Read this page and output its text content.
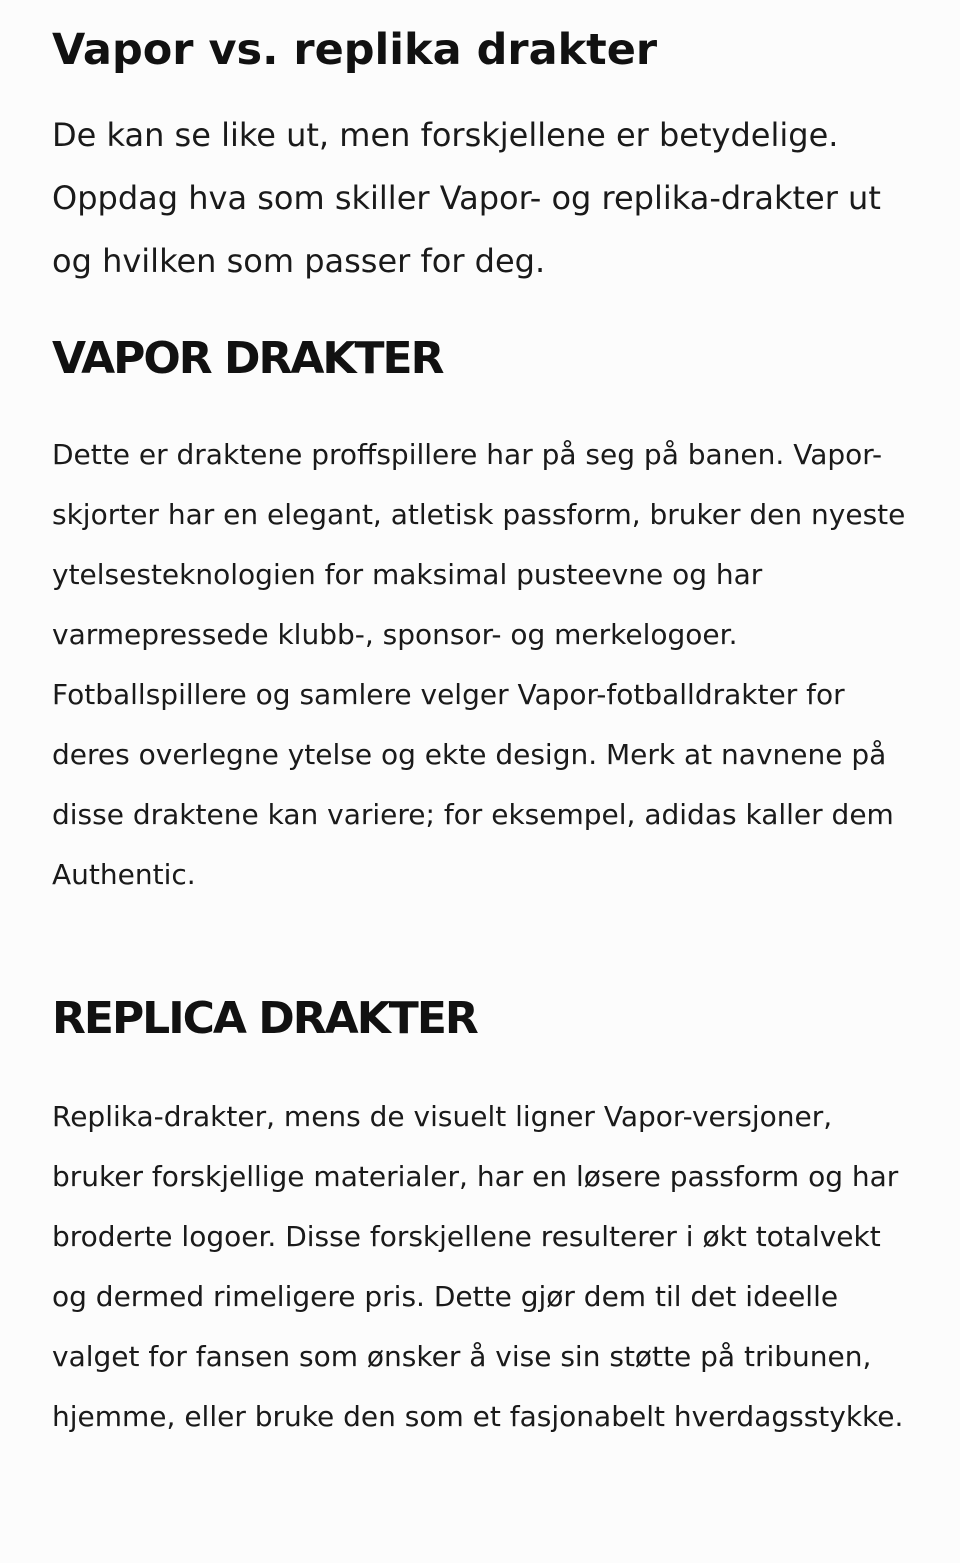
Vapor vs. replika drakter

De kan se like ut, men forskjellene er betydelige. Oppdag hva som skiller Vapor- og replika-drakter ut og hvilken som passer for deg.

VAPOR DRAKTER

Dette er draktene proffspillere har på seg på banen. Vapor-skjorter har en elegant, atletisk passform, bruker den nyeste ytelsesteknologien for maksimal pusteevne og har varmepressede klubb-, sponsor- og merkelogoer. Fotballspillere og samlere velger Vapor-fotballdrakter for deres overlegne ytelse og ekte design. Merk at navnene på disse draktene kan variere; for eksempel, adidas kaller dem Authentic.

REPLICA DRAKTER

Replika-drakter, mens de visuelt ligner Vapor-versjoner, bruker forskjellige materialer, har en løsere passform og har broderte logoer. Disse forskjellene resulterer i økt totalvekt og dermed rimeligere pris. Dette gjør dem til det ideelle valget for fansen som ønsker å vise sin støtte på tribunen, hjemme, eller bruke den som et fasjonabelt hverdagsstykke.
